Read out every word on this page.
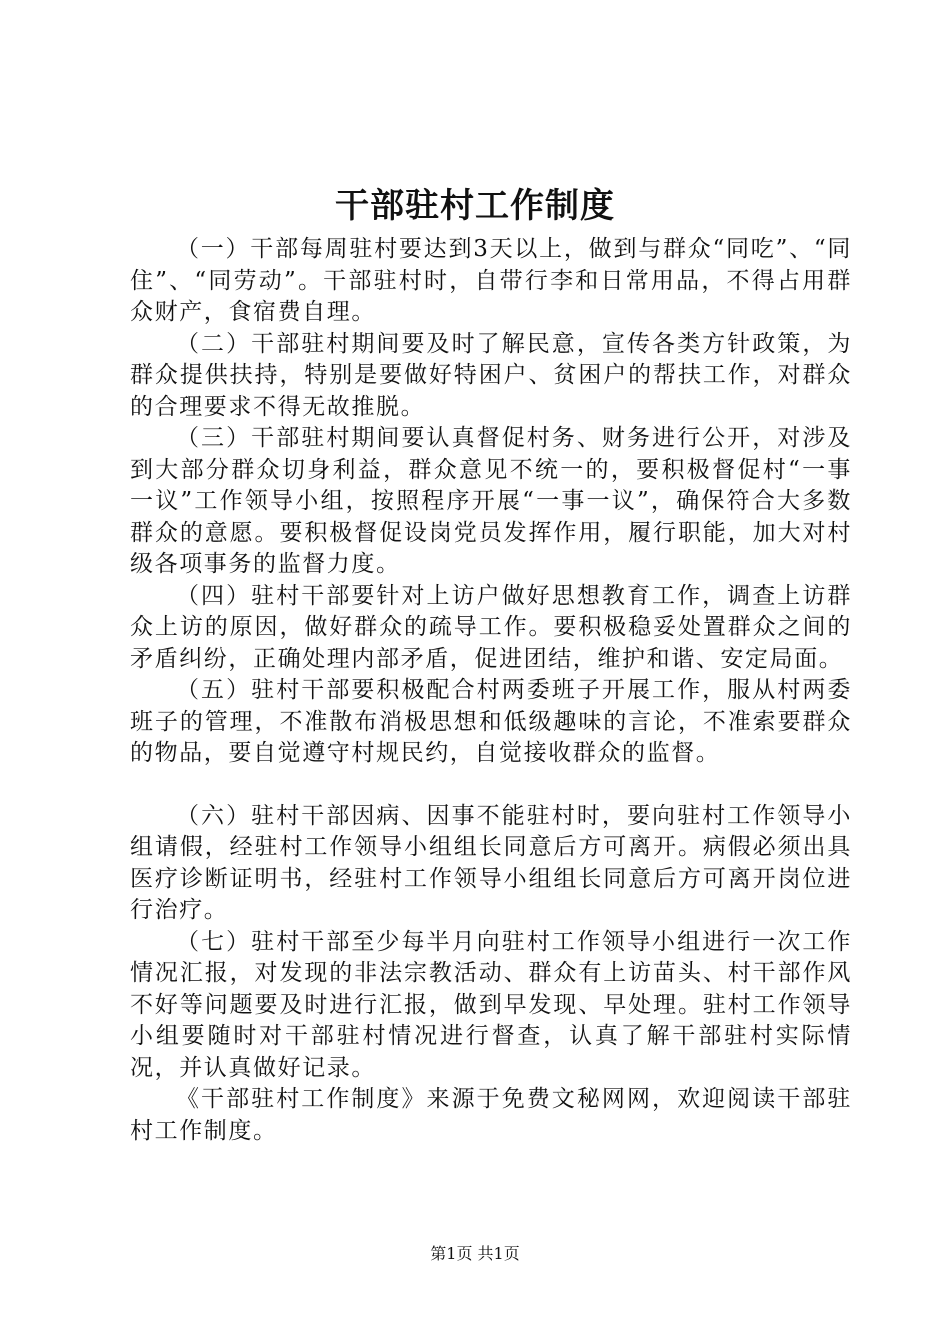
干部驻村工作制度

（一）干部每周驻村要达到3天以上，做到与群众“同吃”、“同住”、“同劳动”。干部驻村时，自带行李和日常用品，不得占用群众财产，食宿费自理。

（二）干部驻村期间要及时了解民意，宣传各类方针政策，为群众提供扶持，特别是要做好特困户、贫困户的帮扶工作，对群众的合理要求不得无故推脱。

（三）干部驻村期间要认真督促村务、财务进行公开，对涉及到大部分群众切身利益，群众意见不统一的，要积极督促村“一事一议”工作领导小组，按照程序开展“一事一议”，确保符合大多数群众的意愿。要积极督促设岗党员发挥作用，履行职能，加大对村级各项事务的监督力度。

（四）驻村干部要针对上访户做好思想教育工作，调查上访群众上访的原因，做好群众的疏导工作。要积极稳妥处置群众之间的矛盾纠纷，正确处理内部矛盾，促进团结，维护和谐、安定局面。

（五）驻村干部要积极配合村两委班子开展工作，服从村两委班子的管理，不准散布消极思想和低级趣味的言论，不准索要群众的物品，要自觉遵守村规民约，自觉接收群众的监督。

（六）驻村干部因病、因事不能驻村时，要向驻村工作领导小组请假，经驻村工作领导小组组长同意后方可离开。病假必须出具医疗诊断证明书，经驻村工作领导小组组长同意后方可离开岗位进行治疗。

（七）驻村干部至少每半月向驻村工作领导小组进行一次工作情况汇报，对发现的非法宗教活动、群众有上访苗头、村干部作风不好等问题要及时进行汇报，做到早发现、早处理。驻村工作领导小组要随时对干部驻村情况进行督查，认真了解干部驻村实际情况，并认真做好记录。

《干部驻村工作制度》来源于免费文秘网网，欢迎阅读干部驻村工作制度。

第1页 共1页
